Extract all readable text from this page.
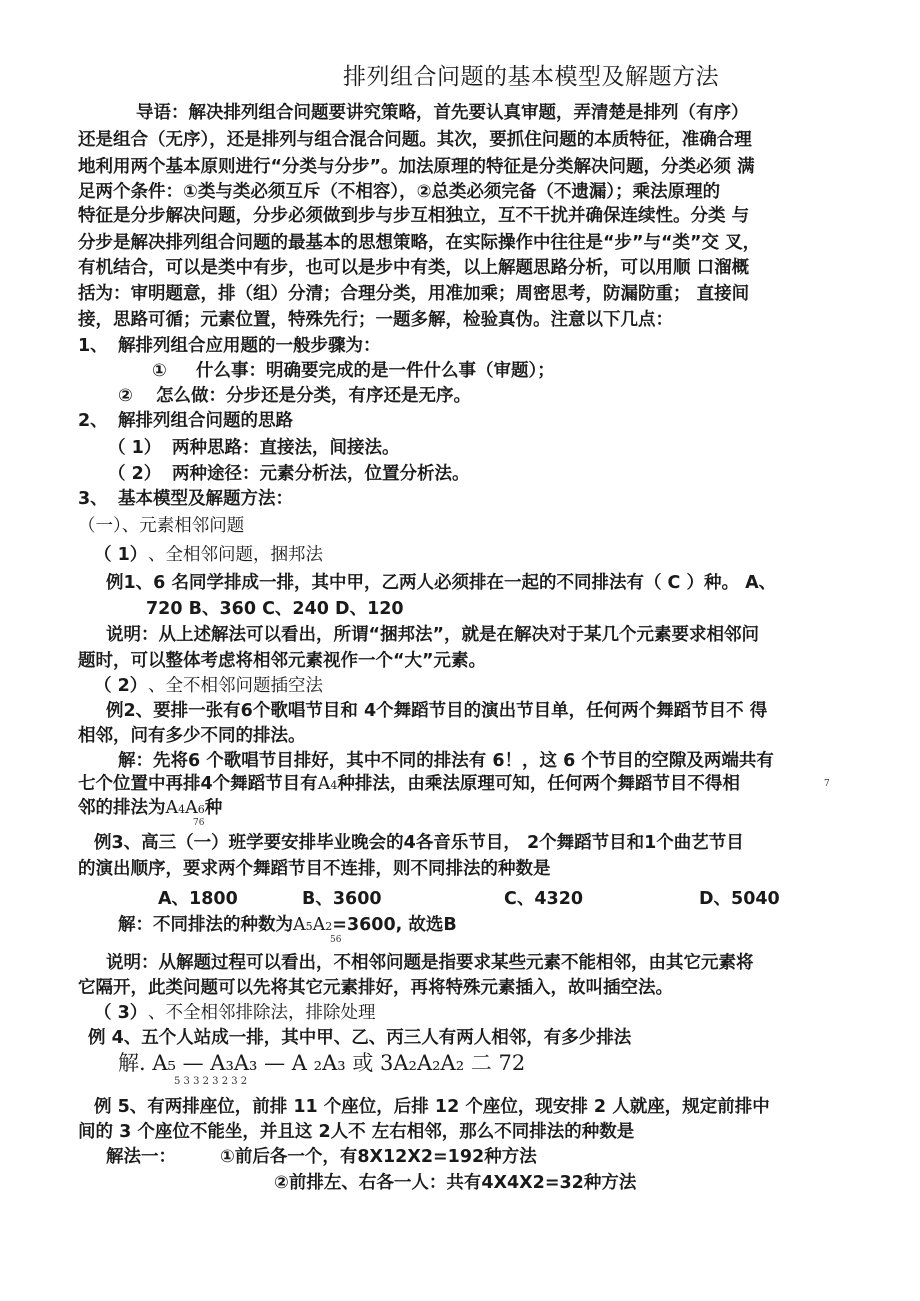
排列组合问题的基本模型及解题方法
导语：解决排列组合问题要讲究策略，首先要认真审题，弄清楚是排列（有序）
还是组合（无序），还是排列与组合混合问题。其次，要抓住问题的本质特征，准确合理
地利用两个基本原则进行“分类与分步”。加法原理的特征是分类解决问题，分类必须 满
足两个条件：①类与类必须互斥（不相容），②总类必须完备（不遗漏）；乘法原理的
特征是分步解决问题，分步必须做到步与步互相独立，互不干扰并确保连续性。分类 与
分步是解决排列组合问题的最基本的思想策略，在实际操作中往往是“步”与“类”交 叉，
有机结合，可以是类中有步，也可以是步中有类，以上解题思路分析，可以用顺 口溜概
括为：审明题意，排（组）分清；合理分类，用准加乘；周密思考，防漏防重； 直接间
接，思路可循；元素位置，特殊先行；一题多解，检验真伪。注意以下几点：
1、 解排列组合应用题的一般步骤为：
① 什么事：明确要完成的是一件什么事（审题）；
② 怎么做：分步还是分类，有序还是无序。
2、 解排列组合问题的思路
（ 1） 两种思路：直接法，间接法。
（ 2） 两种途径：元素分析法，位置分析法。
3、 基本模型及解题方法：
（一）、元素相邻问题
（ 1） 、全相邻问题，捆邦法
例1、6 名同学排成一排，其中甲，乙两人必须排在一起的不同排法有（ C ）种。 A、
720 B、360 C、240 D、120
说明：从上述解法可以看出，所谓“捆邦法”，就是在解决对于某几个元素要求相邻问
题时，可以整体考虑将相邻元素视作一个“大”元素。
（ 2） 、全不相邻问题插空法
例2、要排一张有6个歌唱节目和 4个舞蹈节目的演出节目单，任何两个舞蹈节目不 得
相邻，问有多少不同的排法。
解：先将6 个歌唱节目排好，其中不同的排法有 6！，这 6 个节目的空隙及两端共有
七个位置中再排4个舞蹈节目有A4种排法，由乘法原理可知，任何两个舞蹈节目不得相	7
邻的排法为A4A6种
76
例3、高三（一）班学要安排毕业晚会的4各音乐节目， 2个舞蹈节目和1个曲艺节目
的演出顺序，要求两个舞蹈节目不连排，则不同排法的种数是
A、1800	B、3600	C、4320	D、5040
解：不同排法的种数为A5A2=3600, 故选B
56
说明：从解题过程可以看出，不相邻问题是指要求某些元素不能相邻，由其它元素将
它隔开，此类问题可以先将其它元素排好，再将特殊元素插入，故叫插空法。
（ 3） 、不全相邻排除法，排除处理
例 4、五个人站成一排，其中甲、乙、丙三人有两人相邻，有多少排法
解. A₅ — A₃A₃ — A ₂A₃ 或 3A₂A₂A₂ 二 72
5 3 3 2 3 2 3 2
例 5、有两排座位，前排 11 个座位，后排 12 个座位，现安排 2 人就座，规定前排中
间的 3 个座位不能坐，并且这 2人不 左右相邻，那么不同排法的种数是
解法一：	①前后各一个，有8X12X2=192种方法
②前排左、右各一人：共有4X4X2=32种方法
